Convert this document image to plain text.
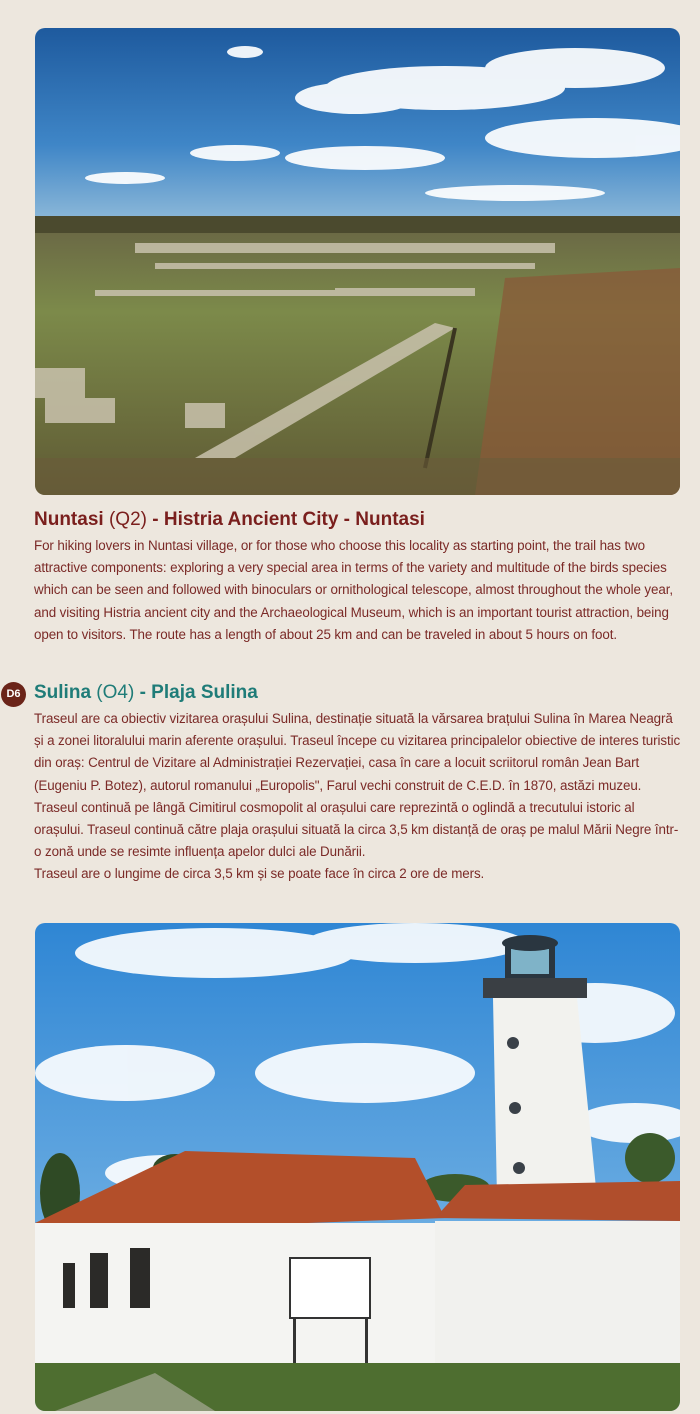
Nuntasi (Q2) - Histria Ancient City - Nuntasi

For hiking lovers in Nuntasi village, or for those who choose this locality as starting point, the trail has two attractive components: exploring a very special area in terms of the variety and multitude of the birds species which can be seen and followed with binoculars or ornithological telescope, almost throughout the whole year, and visiting Histria ancient city and the Archaeological Museum, which is an important tourist attraction, being open to visitors. The route has a length of about 25 km and can be traveled in about 5 hours on foot.

D6 Sulina (O4) - Plaja Sulina

Traseul are ca obiectiv vizitarea orașului Sulina, destinație situată la vărsarea brațului Sulina în Marea Neagră și a zonei litoralului marin aferente orașului. Traseul începe cu vizitarea principalelor obiective de interes turistic din oraș: Centrul de Vizitare al Administrației Rezervației, casa în care a locuit scriitorul român Jean Bart (Eugeniu P. Botez), autorul romanului „Europolis", Farul vechi construit de C.E.D. în 1870, astăzi muzeu. Traseul continuă pe lângă Cimitirul cosmopolit al orașului care reprezintă o oglindă a trecutului istoric al orașului. Traseul continuă către plaja orașului situată la circa 3,5 km distanță de oraș pe malul Mării Negre într-o zonă unde se resimte influența apelor dulci ale Dunării.
Traseul are o lungime de circa 3,5 km și se poate face în circa 2 ore de mers.
